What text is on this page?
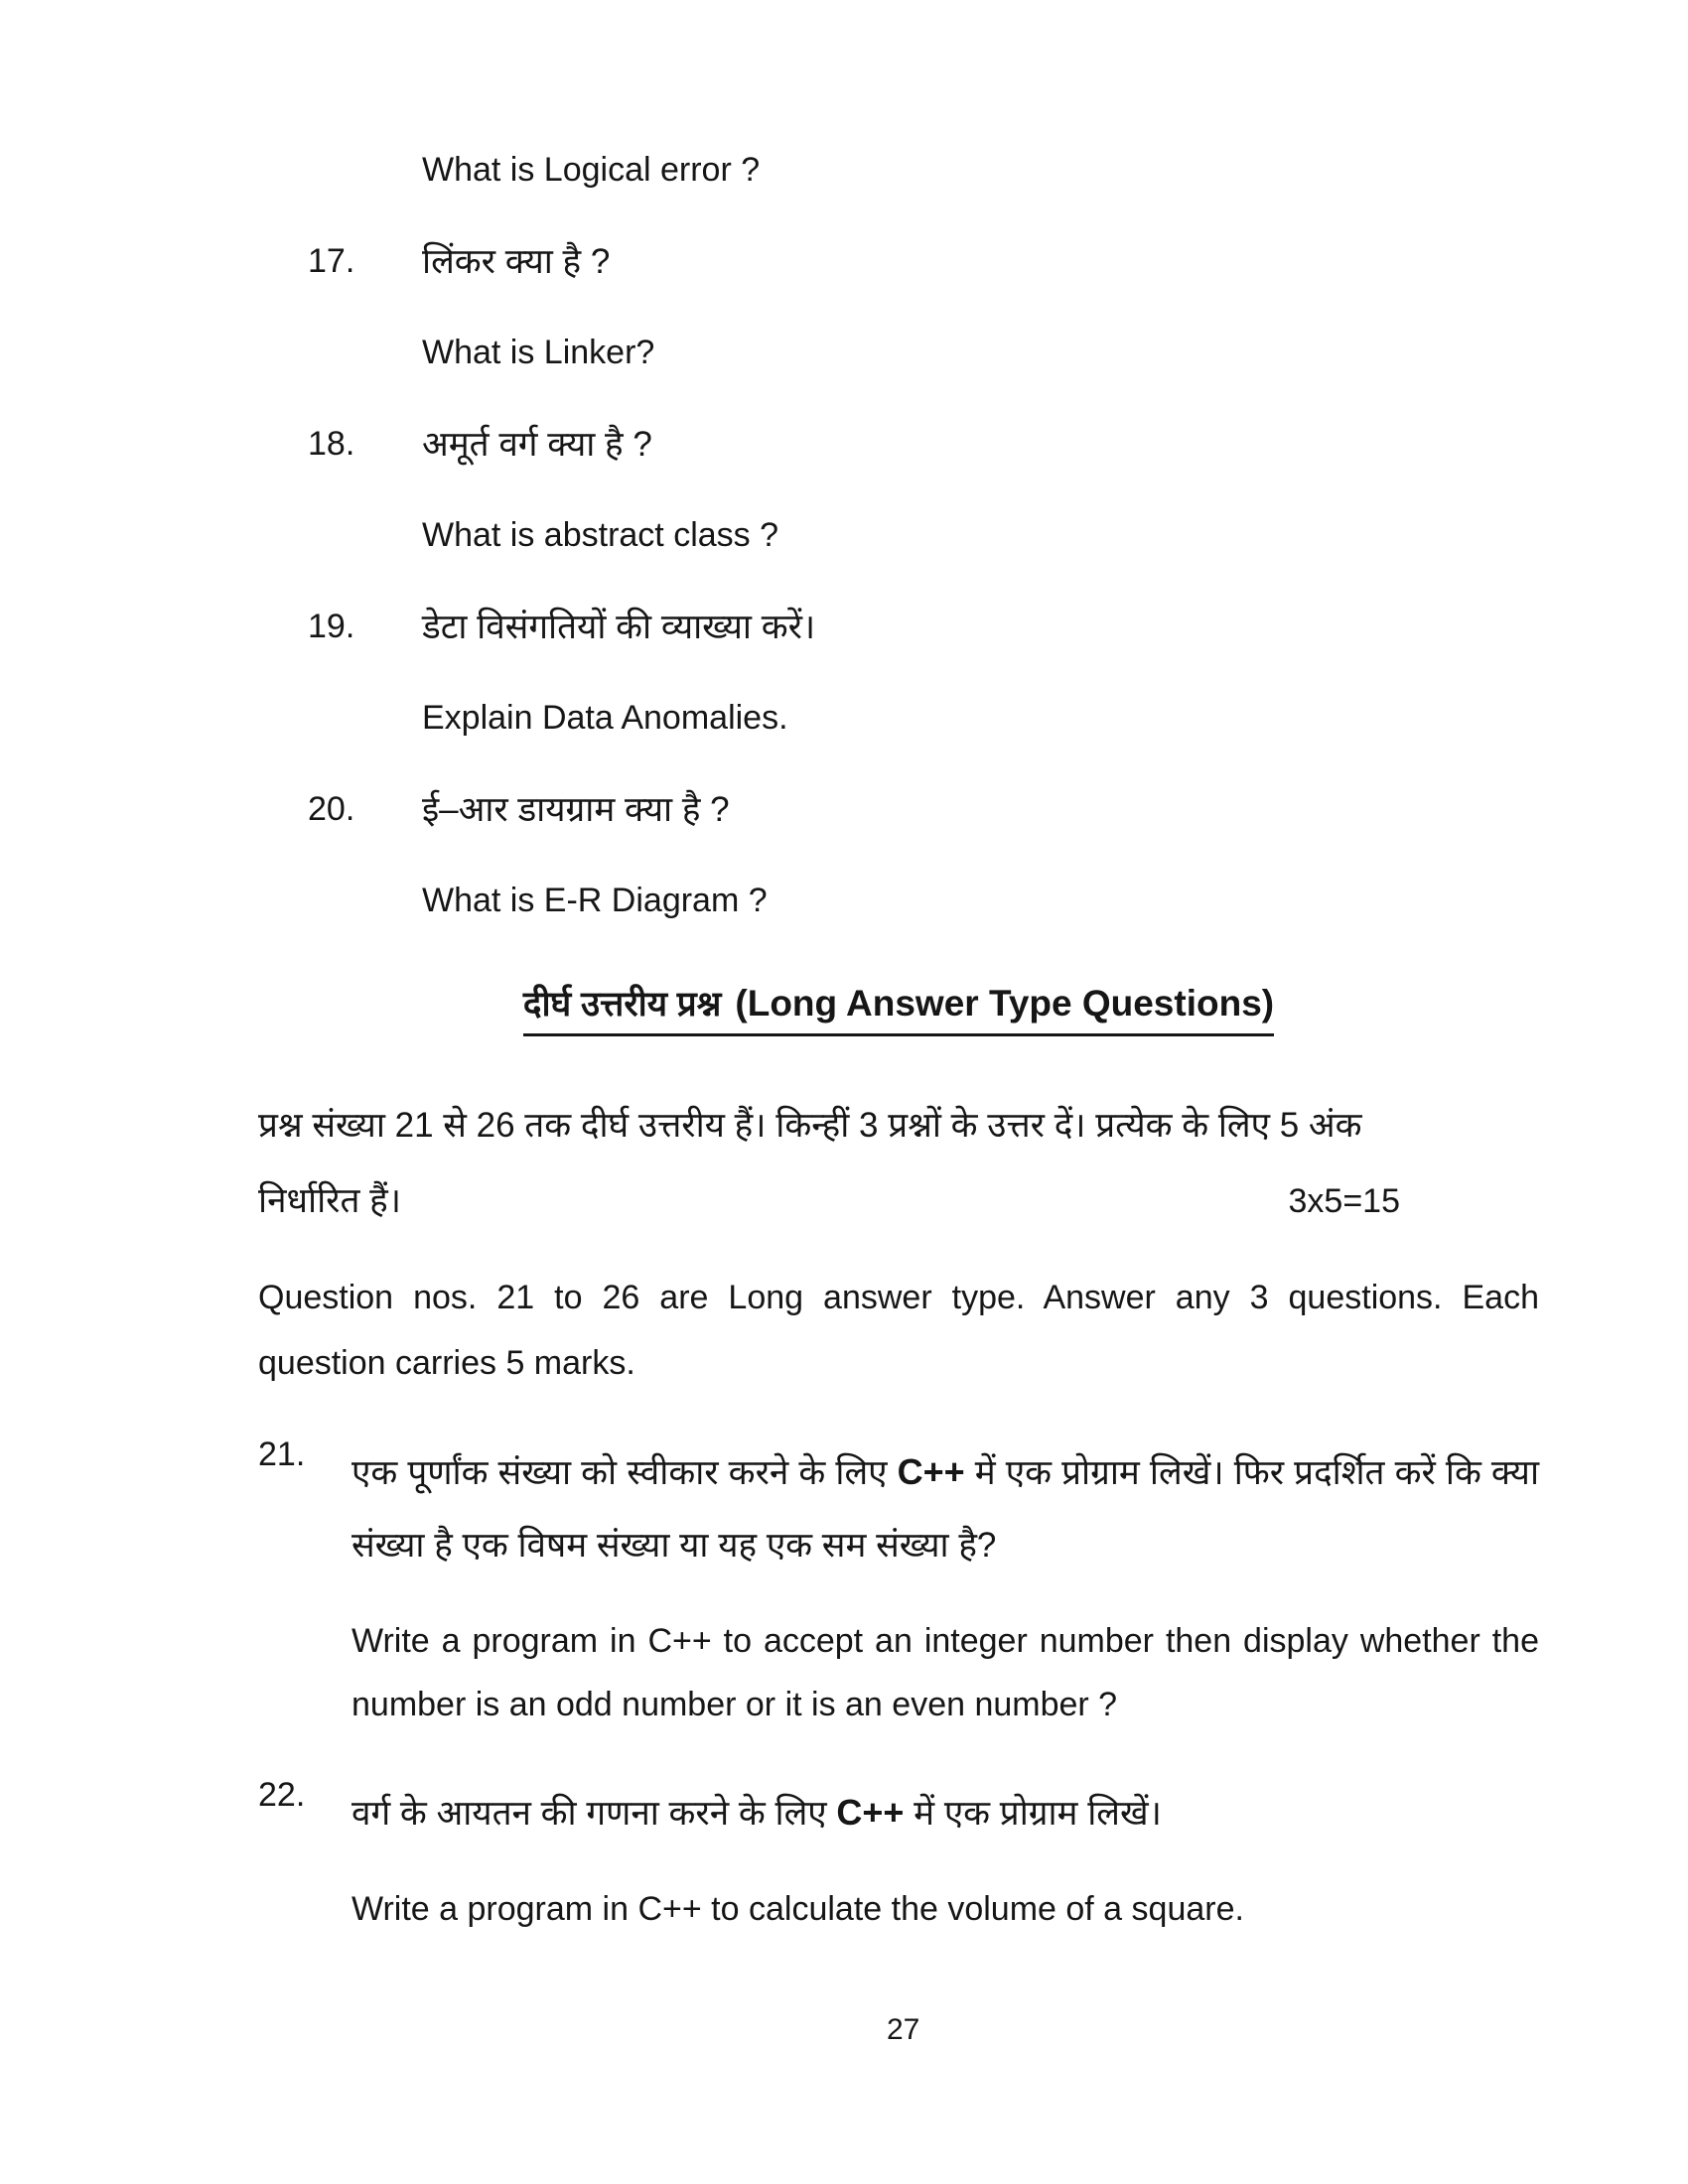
What is Logical error ?
17.	लिंकर क्या है ?
What is Linker?
18.	अमूर्त वर्ग क्या है ?
What is abstract class ?
19.	डेटा विसंगतियों की व्याख्या करें।
Explain Data Anomalies.
20.	ई–आर डायग्राम क्या है ?
What is E-R Diagram ?
दीर्घ उत्तरीय प्रश्न (Long Answer Type Questions)

प्रश्न संख्या 21 से 26 तक दीर्घ उत्तरीय हैं। किन्हीं 3 प्रश्नों के उत्तर दें। प्रत्येक के लिए 5 अंक

निर्धारित हैं।	3x5=15

Question nos. 21 to 26 are Long answer type. Answer any 3 questions. Each question carries 5 marks.

21.	एक पूर्णांक संख्या को स्वीकार करने के लिए C++ में एक प्रोग्राम लिखें। फिर प्रदर्शित करें कि क्या संख्या है एक विषम संख्या या यह एक सम संख्या है?

Write a program in C++ to accept an integer number then display whether the number is an odd number or it is an even number ?

22.	वर्ग के आयतन की गणना करने के लिए C++ में एक प्रोग्राम लिखें।

Write a program in C++ to calculate the volume of a square.

27
